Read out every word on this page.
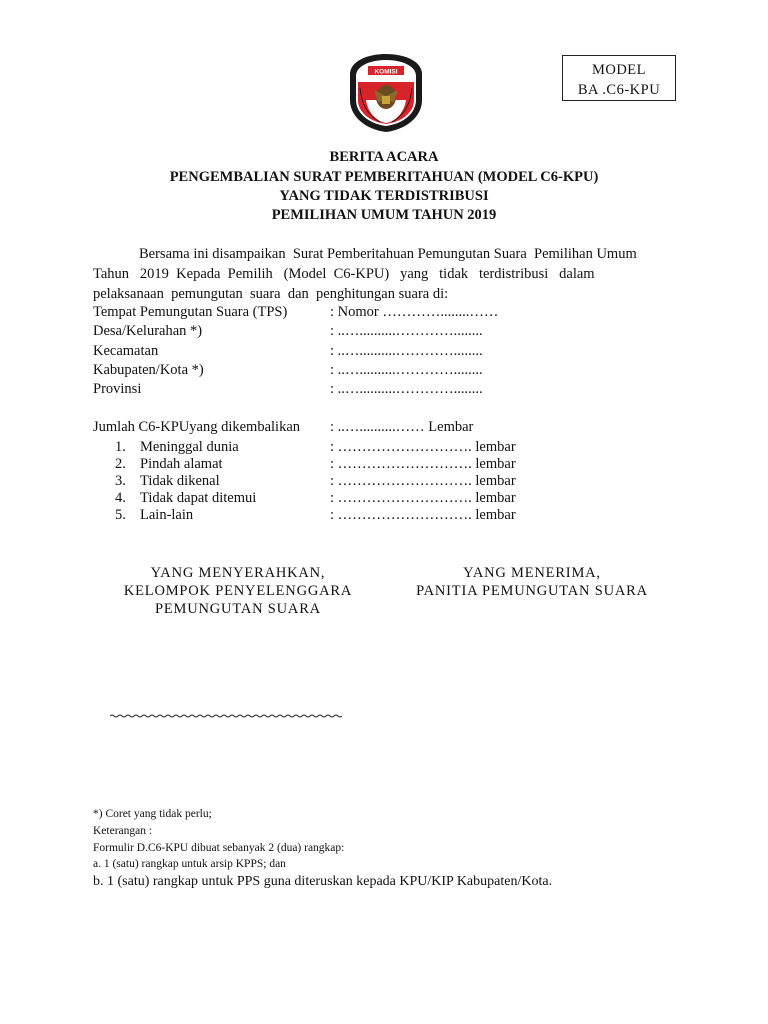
MODEL
BA .C6-KPU
KOMISI
BERITA ACARA
PENGEMBALIAN SURAT PEMBERITAHUAN (MODEL C6-KPU)
YANG TIDAK TERDISTRIBUSI
PEMILIHAN UMUM TAHUN 2019
Bersama ini disampaikan  Surat Pemberitahuan Pemungutan Suara  Pemilihan Umum
Tahun   2019  Kepada  Pemilih   (Model  C6-KPU)   yang   tidak   terdistribusi   dalam
pelaksanaan  pemungutan  suara  dan  penghitungan suara di:
Tempat Pemungutan Suara (TPS)	: Nomor …………........……
Desa/Kelurahan *)	: ..…..........…………........
Kecamatan	: ..…..........…………........
Kabupaten/Kota *)	: ..…..........…………........
Provinsi	: ..…..........…………........
Jumlah C6-KPUyang dikembalikan : ..…..........…… Lembar
1. Meninggal dunia	: ………………………. lembar
2. Pindah alamat	: ………………………. lembar
3. Tidak dikenal	: ………………………. lembar
4. Tidak dapat ditemui	: ………………………. lembar
5. Lain-lain	: ………………………. lembar
YANG MENYERAHKAN,
KELOMPOK PENYELENGGARA
PEMUNGUTAN SUARA
YANG MENERIMA,
PANITIA PEMUNGUTAN SUARA
*) Coret yang tidak perlu;
Keterangan :
Formulir D.C6-KPU dibuat sebanyak 2 (dua) rangkap:
a. 1 (satu) rangkap untuk arsip KPPS; dan
b. 1 (satu) rangkap untuk PPS guna diteruskan kepada KPU/KIP Kabupaten/Kota.
